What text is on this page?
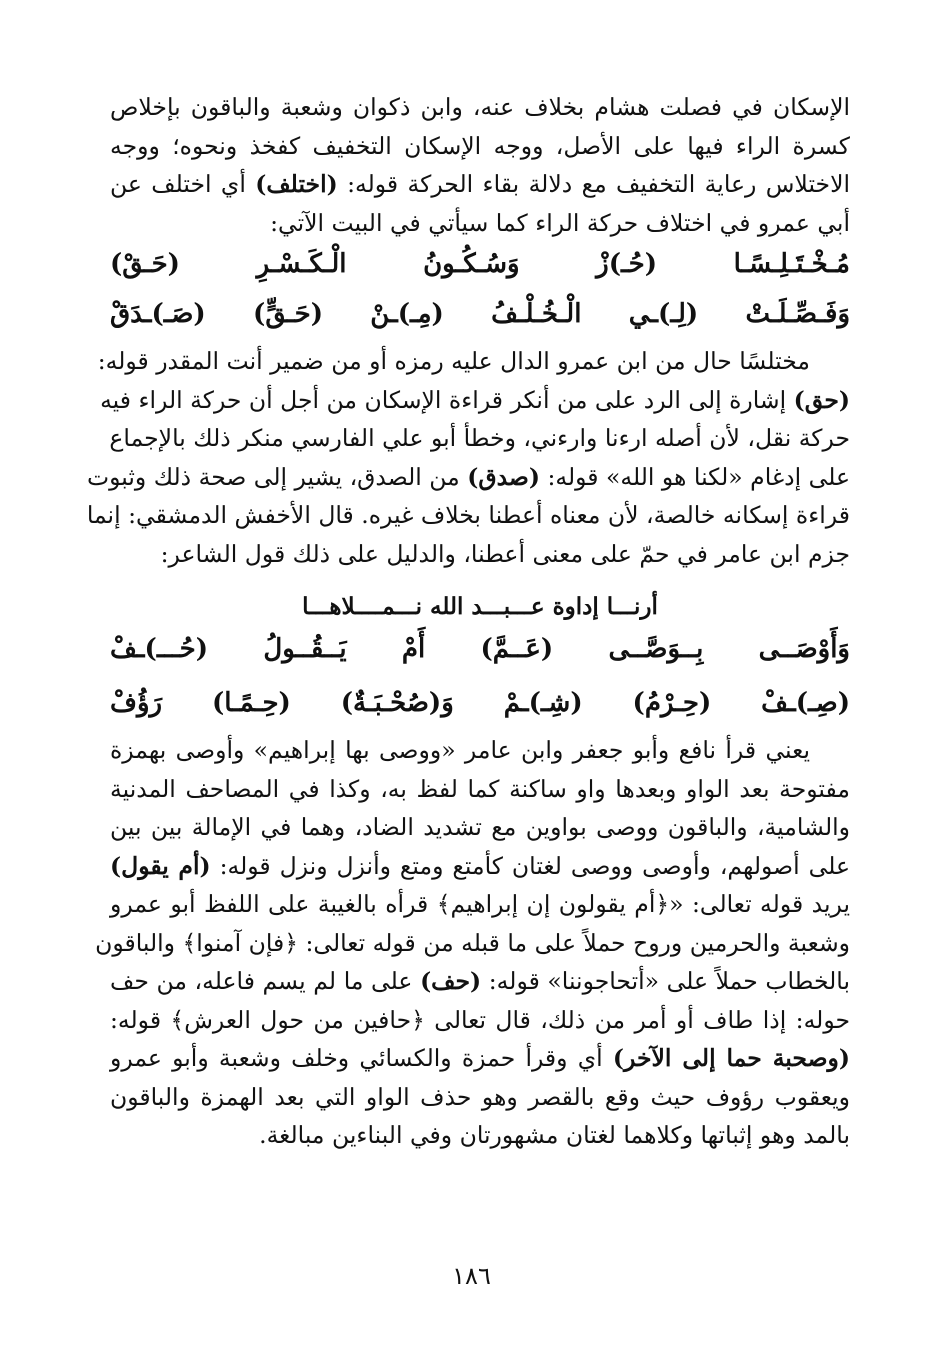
الإسكان في فصلت هشام بخلاف عنه، وابن ذكوان وشعبة والباقون بإخلاص
كسرة الراء فيها على الأصل، ووجه الإسكان التخفيف كفخذ ونحوه؛ ووجه
الاختلاس رعاية التخفيف مع دلالة بقاء الحركة قوله: (اختلف) أي اختلف عن
أبي عمرو في اختلاف حركة الراء كما سيأتي في البيت الآتي:
مُـخْـتَـلِـسًـا (حُـ)زْ وَسُـكُـونُ الْـكَـسْـرِ (حَـقْ)
وَفَـصِّـلَـتْ (لِـ)ـي الْـخُـلْـفُ (مِـ)ـنْ (حَـقٍّ) (صَـ)ـدَقْ
مختلسًا حال من ابن عمرو الدال عليه رمزه أو من ضمير أنت المقدر قوله:
(حق) إشارة إلى الرد على من أنكر قراءة الإسكان من أجل أن حركة الراء فيه
حركة نقل، لأن أصله ارءنا وارءني، وخطأ أبو علي الفارسي منكر ذلك بالإجماع
على إدغام «لكنا هو الله» قوله: (صدق) من الصدق، يشير إلى صحة ذلك وثبوت
قراءة إسكانه خالصة، لأن معناه أعطنا بخلاف غيره. قال الأخفش الدمشقي: إنما
جزم ابن عامر في حمّ على معنى أعطنا، والدليل على ذلك قول الشاعر:
أرنـــا إداوة عـــبـــد الله نـــمــــلاهـــا
وَأَوْصَــى بِــوَصَّــى (عَــمَّ) أَمْ يَــقُــولُ (حُـــ)ـفْ
(صِـ)ـفْ (حِـرْمُ) (شِـ)ـمْ وَ(صُحْـبَـةٌ) (حِـمًـا) رَؤُفْ
يعني قرأ نافع وأبو جعفر وابن عامر «ووصى بها إبراهيم» وأوصى بهمزة
مفتوحة بعد الواو وبعدها واو ساكنة كما لفظ به، وكذا في المصاحف المدنية
والشامية، والباقون ووصى بواوين مع تشديد الضاد، وهما في الإمالة بين بين
على أصولهم، وأوصى ووصى لغتان كأمتع ومتع وأنزل ونزل قوله: (أم يقول)
يريد قوله تعالى: «﴿أم يقولون إن إبراهيم﴾ قرأه بالغيبة على اللفظ أبو عمرو
وشعبة والحرمين وروح حملاً على ما قبله من قوله تعالى: ﴿فإن آمنوا﴾ والباقون
بالخطاب حملاً على «أتحاجوننا» قوله: (حف) على ما لم يسم فاعله، من حف
حوله: إذا طاف أو أمر من ذلك، قال تعالى ﴿حافين من حول العرش﴾ قوله:
(وصحبة حما إلى الآخر) أي وقرأ حمزة والكسائي وخلف وشعبة وأبو عمرو
ويعقوب رؤوف حيث وقع بالقصر وهو حذف الواو التي بعد الهمزة والباقون
بالمد وهو إثباتها وكلاهما لغتان مشهورتان وفي البناءين مبالغة.
١٨٦
